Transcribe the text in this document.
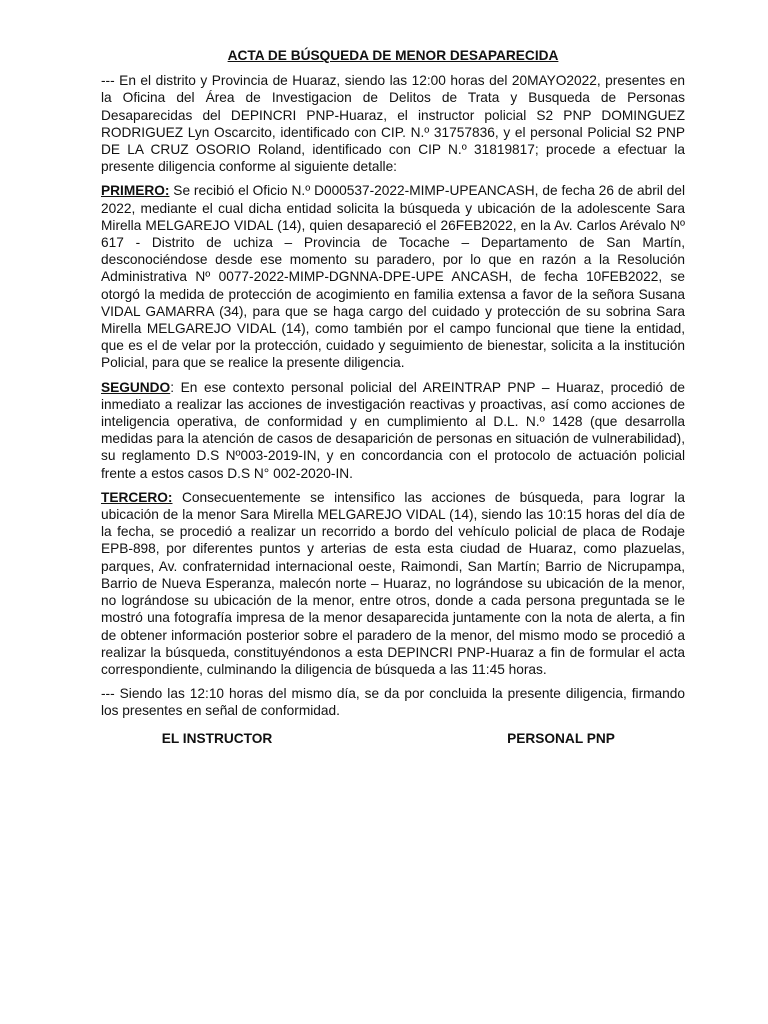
ACTA DE BÚSQUEDA DE MENOR DESAPARECIDA

--- En el distrito y Provincia de Huaraz, siendo las 12:00 horas del 20MAYO2022, presentes en la Oficina del Área de Investigacion de Delitos de Trata y Busqueda de Personas Desaparecidas del DEPINCRI PNP-Huaraz, el instructor policial S2 PNP DOMINGUEZ RODRIGUEZ Lyn Oscarcito, identificado con CIP. N.º 31757836, y el personal Policial S2 PNP DE LA CRUZ OSORIO Roland, identificado con CIP N.º 31819817; procede a efectuar la presente diligencia conforme al siguiente detalle:

PRIMERO: Se recibió el Oficio N.º D000537-2022-MIMP-UPEANCASH, de fecha 26 de abril del 2022, mediante el cual dicha entidad solicita la búsqueda y ubicación de la adolescente Sara Mirella MELGAREJO VIDAL (14), quien desapareció el 26FEB2022, en la Av. Carlos Arévalo Nº 617 - Distrito de uchiza – Provincia de Tocache – Departamento de San Martín, desconociéndose desde ese momento su paradero, por lo que en razón a la Resolución Administrativa Nº 0077-2022-MIMP-DGNNA-DPE-UPE ANCASH, de fecha 10FEB2022, se otorgó la medida de protección de acogimiento en familia extensa a favor de la señora Susana VIDAL GAMARRA (34), para que se haga cargo del cuidado y protección de su sobrina Sara Mirella MELGAREJO VIDAL (14), como también por el campo funcional que tiene la entidad, que es el de velar por la protección, cuidado y seguimiento de bienestar, solicita a la institución Policial, para que se realice la presente diligencia.

SEGUNDO: En ese contexto personal policial del AREINTRAP PNP – Huaraz, procedió de inmediato a realizar las acciones de investigación reactivas y proactivas, así como acciones de inteligencia operativa, de conformidad y en cumplimiento al D.L. N.º 1428 (que desarrolla medidas para la atención de casos de desaparición de personas en situación de vulnerabilidad), su reglamento D.S Nº003-2019-IN, y en concordancia con el protocolo de actuación policial frente a estos casos D.S N° 002-2020-IN.

TERCERO: Consecuentemente se intensifico las acciones de búsqueda, para lograr la ubicación de la menor Sara Mirella MELGAREJO VIDAL (14), siendo las 10:15 horas del día de la fecha, se procedió a realizar un recorrido a bordo del vehículo policial de placa de Rodaje EPB-898, por diferentes puntos y arterias de esta esta ciudad de Huaraz, como plazuelas, parques, Av. confraternidad internacional oeste, Raimondi, San Martín; Barrio de Nicrupampa, Barrio de Nueva Esperanza, malecón norte – Huaraz, no lográndose su ubicación de la menor, no lográndose su ubicación de la menor, entre otros, donde a cada persona preguntada se le mostró una fotografía impresa de la menor desaparecida juntamente con la nota de alerta, a fin de obtener información posterior sobre el paradero de la menor, del mismo modo se procedió a realizar la búsqueda, constituyéndonos a esta DEPINCRI PNP-Huaraz a fin de formular el acta correspondiente, culminando la diligencia de búsqueda a las 11:45 horas.

--- Siendo las 12:10 horas del mismo día, se da por concluida la presente diligencia, firmando los presentes en señal de conformidad.

EL INSTRUCTOR	PERSONAL PNP
